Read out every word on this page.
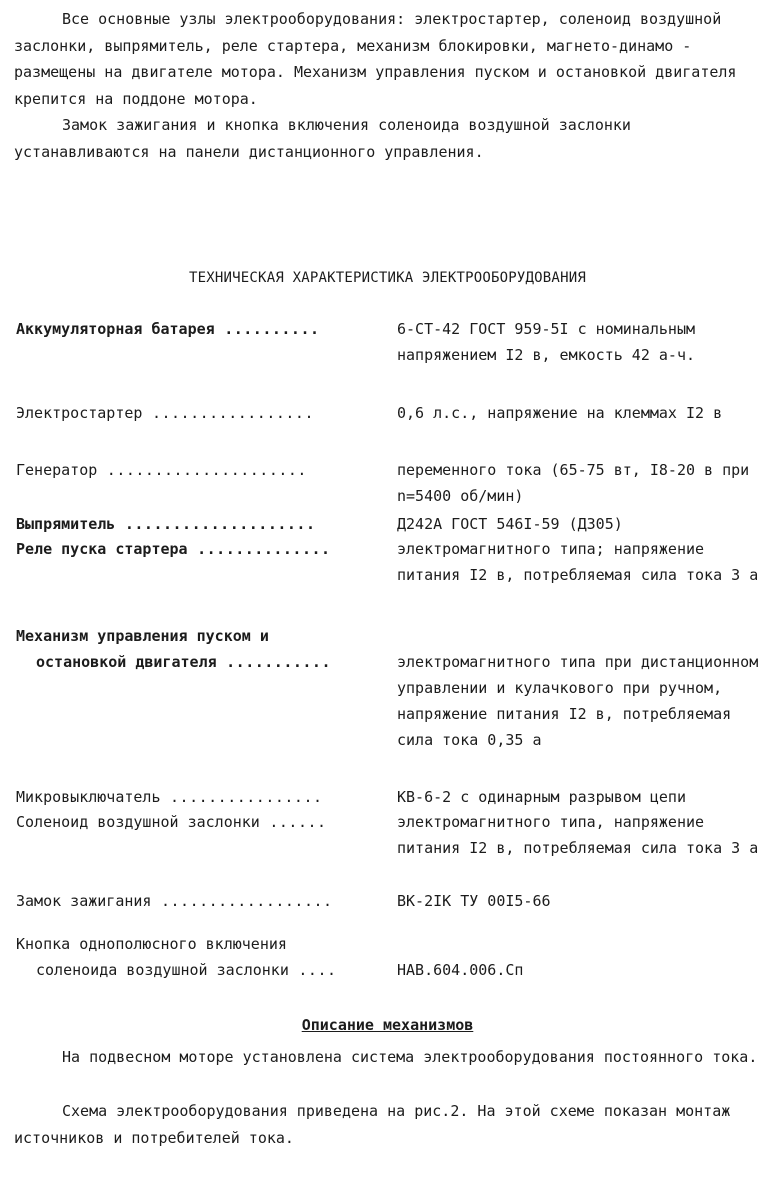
Все основные узлы электрооборудования: электростартер, соленоид воздушной заслонки, выпрямитель, реле стартера, механизм блокировки, магнето-динамо - размещены на двигателе мотора. Механизм управления пуском и остановкой двигателя крепится на поддоне мотора.

Замок зажигания и кнопка включения соленоида воздушной заслонки устанавливаются на панели дистанционного управления.

ТЕХНИЧЕСКАЯ ХАРАКТЕРИСТИКА ЭЛЕКТРООБОРУДОВАНИЯ

Аккумуляторная батарея ..........	6-СТ-42 ГОСТ 959-5I с номинальным напряжением I2 в, емкость 42 а-ч.
Электростартер .................	0,6 л.с., напряжение на клеммах I2 в
Генератор .....................	переменного тока (65-75 вт, I8-20 в при n=5400 об/мин)
Выпрямитель ....................	Д242А ГОСТ 546I-59 (Д305)
Реле пуска стартера ..............	электромагнитного типа; напряжение питания I2 в, потребляемая сила тока 3 а
Механизм управления пуском и
остановкой двигателя ...........	электромагнитного типа при дистанционном управлении и кулачкового при ручном, напряжение питания I2 в, потребляемая сила тока 0,35 а
Микровыключатель ................	КВ-6-2 с одинарным разрывом цепи
Соленоид воздушной заслонки ......	электромагнитного типа, напряжение питания I2 в, потребляемая сила тока 3 а
Замок зажигания ..................	ВК-2IК ТУ 00I5-66
Кнопка однополюсного включения
соленоида воздушной заслонки ....	НАВ.604.006.Сп

Описание механизмов

На подвесном моторе установлена система электрооборудования постоянного тока.

Схема электрооборудования приведена на рис.2. На этой схеме показан монтаж источников и потребителей тока.
